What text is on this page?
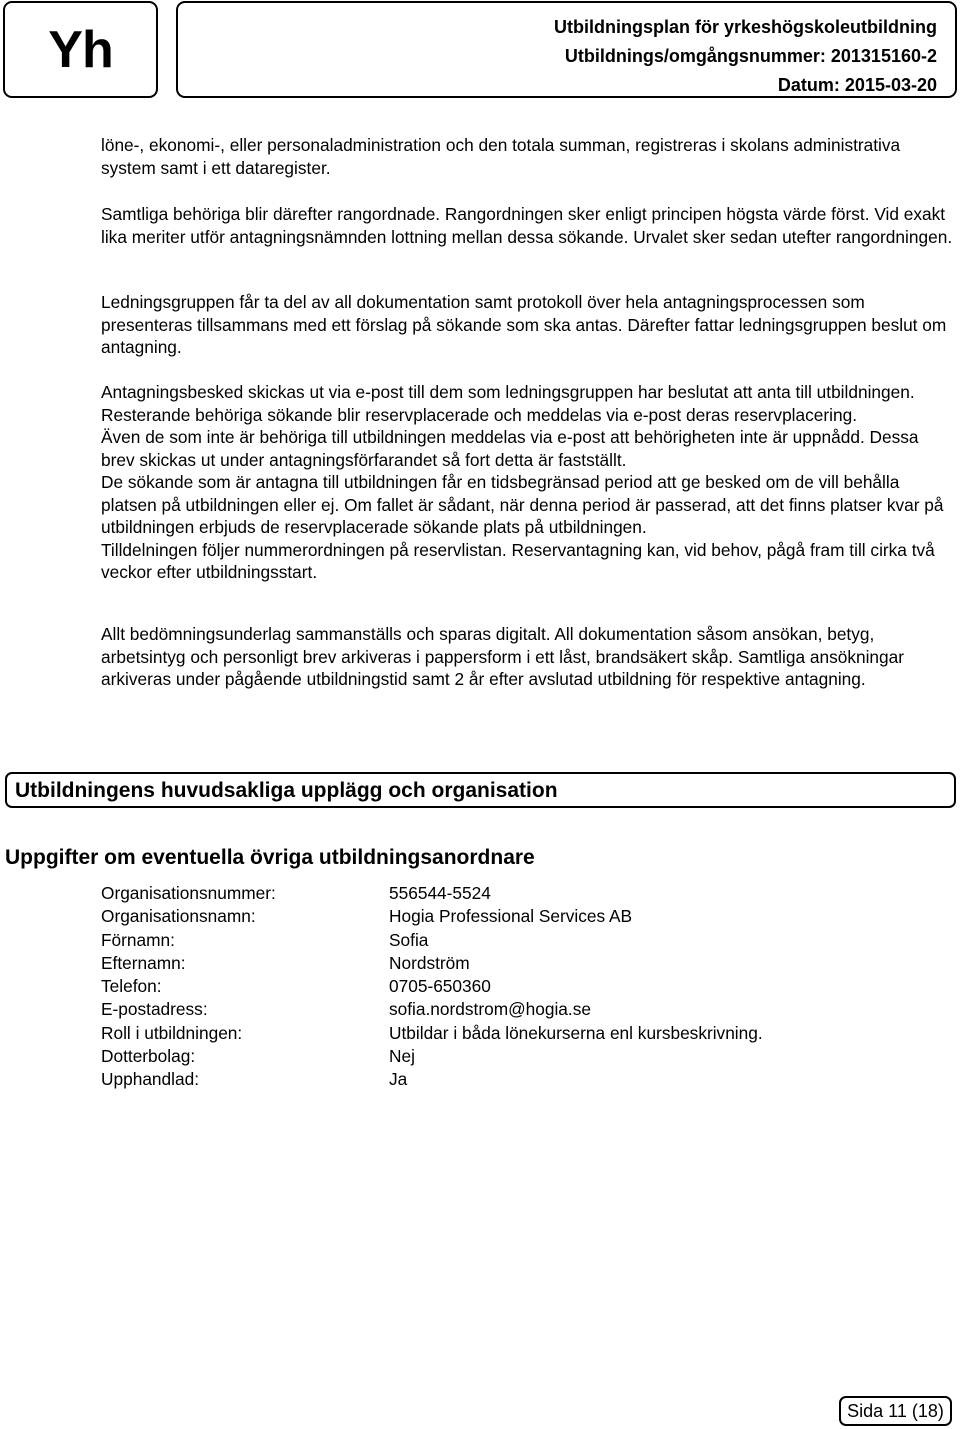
Yh	Utbildningsplan för yrkeshögskoleutbildning
Utbildnings/omgångsnummer: 201315160-2
Datum: 2015-03-20

löne-, ekonomi-, eller personaladministration och den totala summan, registreras i skolans administrativa system samt i ett dataregister.

Samtliga behöriga blir därefter rangordnade. Rangordningen sker enligt principen högsta värde först. Vid exakt lika meriter utför antagningsnämnden lottning mellan dessa sökande. Urvalet sker sedan utefter rangordningen.

Ledningsgruppen får ta del av all dokumentation samt protokoll över hela antagningsprocessen som presenteras tillsammans med ett förslag på sökande som ska antas. Därefter fattar ledningsgruppen beslut om antagning.

Antagningsbesked skickas ut via e-post till dem som ledningsgruppen har beslutat att anta till utbildningen. Resterande behöriga sökande blir reservplacerade och meddelas via e-post deras reservplacering.

Även de som inte är behöriga till utbildningen meddelas via e-post att behörigheten inte är uppnådd. Dessa brev skickas ut under antagningsförfarandet så fort detta är fastställt.

De sökande som är antagna till utbildningen får en tidsbegränsad period att ge besked om de vill behålla platsen på utbildningen eller ej. Om fallet är sådant, när denna period är passerad, att det finns platser kvar på utbildningen erbjuds de reservplacerade sökande plats på utbildningen.

Tilldelningen följer nummerordningen på reservlistan. Reservantagning kan, vid behov, pågå fram till cirka två veckor efter utbildningsstart.

Allt bedömningsunderlag sammanställs och sparas digitalt. All dokumentation såsom ansökan, betyg, arbetsintyg och personligt brev arkiveras i pappersform i ett låst, brandsäkert skåp. Samtliga ansökningar arkiveras under pågående utbildningstid samt 2 år efter avslutad utbildning för respektive antagning.

Utbildningens huvudsakliga upplägg och organisation
Uppgifter om eventuella övriga utbildningsanordnare
Organisationsnummer:	556544-5524
Organisationsnamn:	Hogia Professional Services AB
Förnamn:	Sofia
Efternamn:	Nordström
Telefon:	0705-650360
E-postadress:	sofia.nordstrom@hogia.se
Roll i utbildningen:	Utbildar i båda lönekurserna enl kursbeskrivning.
Dotterbolag:	Nej
Upphandlad:	Ja
Sida 11 (18)
